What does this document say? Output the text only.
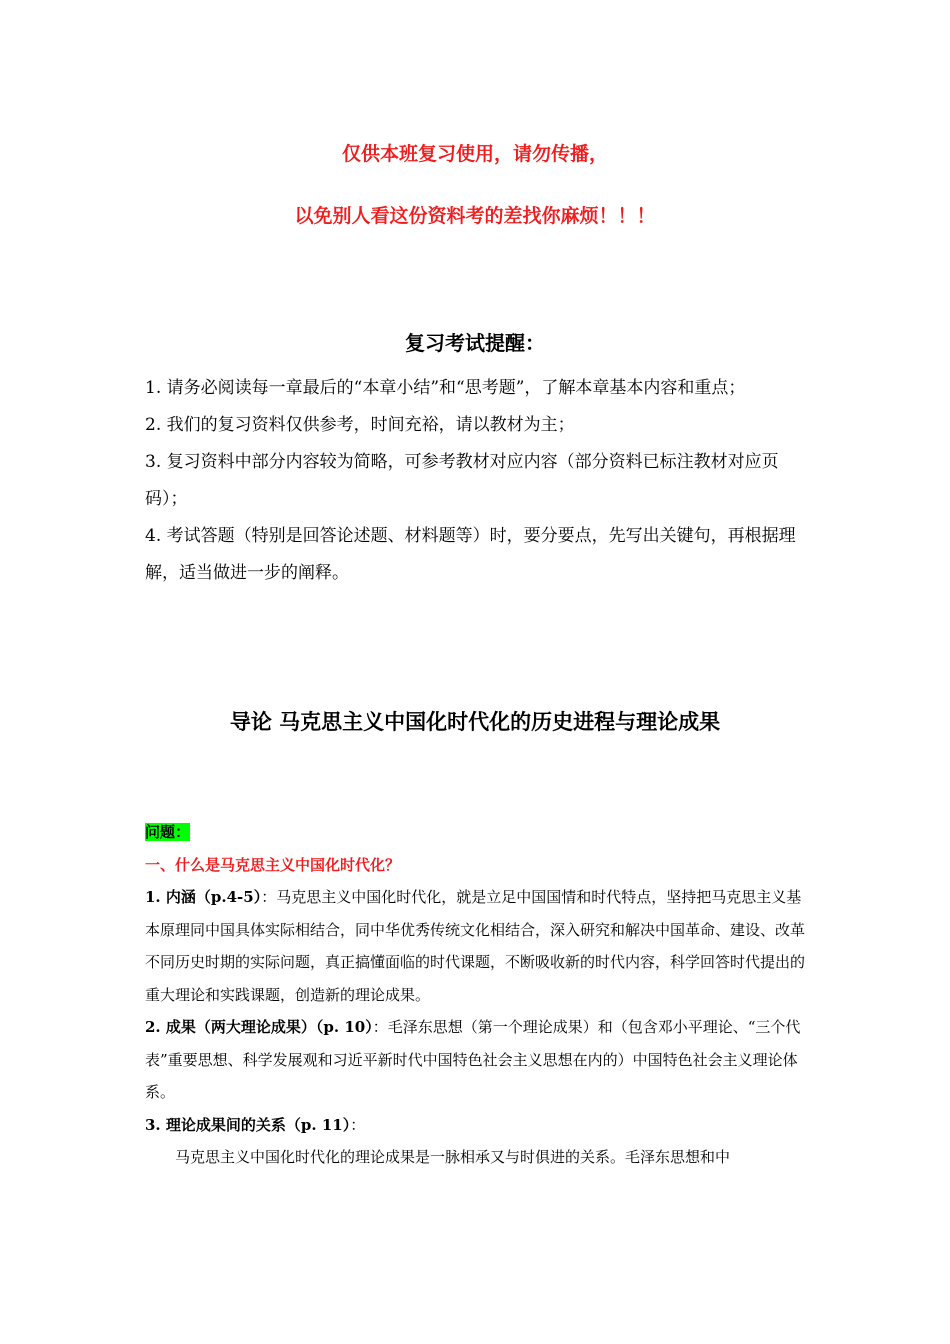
仅供本班复习使用，请勿传播，
以免别人看这份资料考的差找你麻烦！！！
复习考试提醒：

1. 请务必阅读每一章最后的“本章小结”和“思考题”，了解本章基本内容和重点；

2. 我们的复习资料仅供参考，时间充裕，请以教材为主；

3. 复习资料中部分内容较为简略，可参考教材对应内容（部分资料已标注教材对应页码）；

4. 考试答题（特别是回答论述题、材料题等）时，要分要点，先写出关键句，再根据理解，适当做进一步的阐释。

导论 马克思主义中国化时代化的历史进程与理论成果

问题：

一、什么是马克思主义中国化时代化？

1. 内涵（p.4-5）：马克思主义中国化时代化，就是立足中国国情和时代特点，坚持把马克思主义基本原理同中国具体实际相结合，同中华优秀传统文化相结合，深入研究和解决中国革命、建设、改革不同历史时期的实际问题，真正搞懂面临的时代课题，不断吸收新的时代内容，科学回答时代提出的重大理论和实践课题，创造新的理论成果。

2. 成果（两大理论成果）（p. 10）：毛泽东思想（第一个理论成果）和（包含邓小平理论、“三个代表”重要思想、科学发展观和习近平新时代中国特色社会主义思想在内的）中国特色社会主义理论体系。

3. 理论成果间的关系（p. 11）：

马克思主义中国化时代化的理论成果是一脉相承又与时俱进的关系。毛泽东思想和中
